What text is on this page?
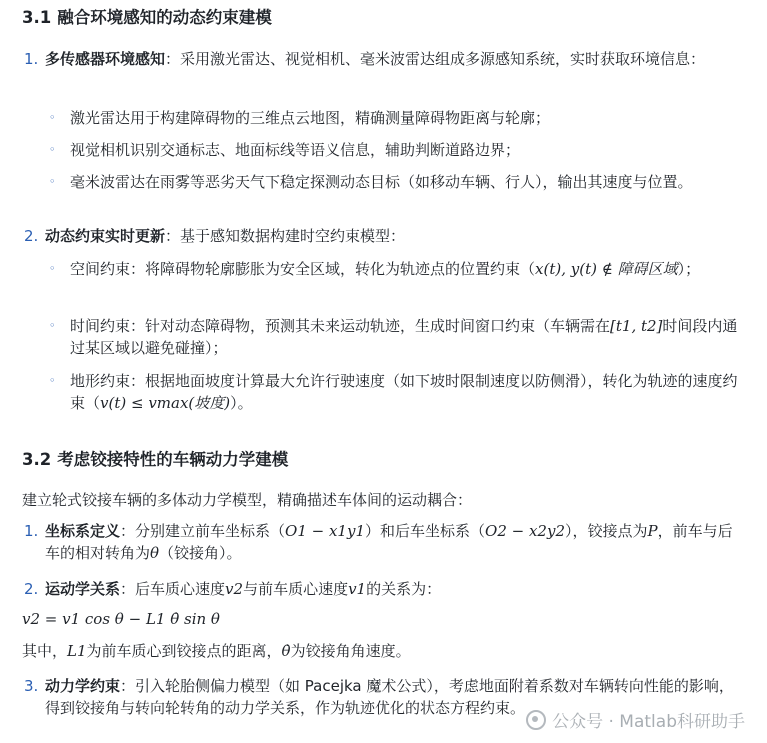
3.1 融合环境感知的动态约束建模
1. 多传感器环境感知：采用激光雷达、视觉相机、毫米波雷达组成多源感知系统，实时获取环境信息：
◦ 激光雷达用于构建障碍物的三维点云地图，精确测量障碍物距离与轮廓；
◦ 视觉相机识别交通标志、地面标线等语义信息，辅助判断道路边界；
◦ 毫米波雷达在雨雾等恶劣天气下稳定探测动态目标（如移动车辆、行人），输出其速度与位置。
2. 动态约束实时更新：基于感知数据构建时空约束模型：
◦ 空间约束：将障碍物轮廓膨胀为安全区域，转化为轨迹点的位置约束（x(t), y(t) ∉ 障碍区域）；
◦ 时间约束：针对动态障碍物，预测其未来运动轨迹，生成时间窗口约束（车辆需在[t1, t2]时间段内通过某区域以避免碰撞）；
◦ 地形约束：根据地面坡度计算最大允许行驶速度（如下坡时限制速度以防侧滑），转化为轨迹的速度约束（v(t) ≤ vmax(坡度)）。
3.2 考虑铰接特性的车辆动力学建模
建立轮式铰接车辆的多体动力学模型，精确描述车体间的运动耦合：
1. 坐标系定义：分别建立前车坐标系（O1 − x1y1）和后车坐标系（O2 − x2y2），铰接点为P，前车与后车的相对转角为θ（铰接角）。
2. 运动学关系：后车质心速度v2与前车质心速度v1的关系为：
v2 = v1 cos θ − L1 θ̇ sin θ
其中，L1为前车质心到铰接点的距离，θ̇为铰接角角速度。
3. 动力学约束：引入轮胎侧偏力模型（如 Pacejka 魔术公式），考虑地面附着系数对车辆转向性能的影响，得到铰接角与转向轮转角的动力学关系，作为轨迹优化的状态方程约束。
公众号 · Matlab科研助手
